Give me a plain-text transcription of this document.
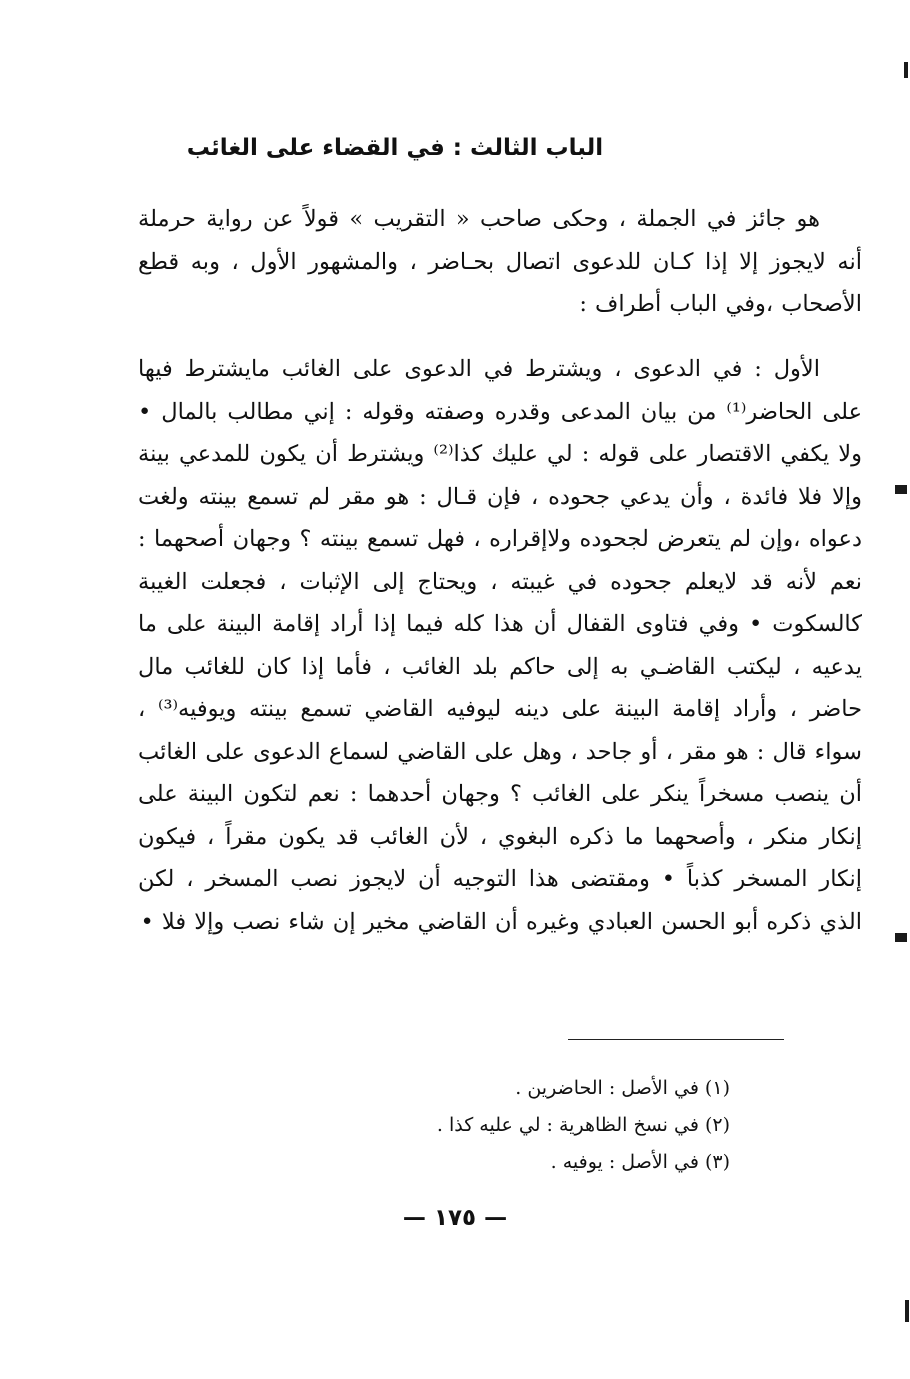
الباب الثالث : في القضاء على الغائب

هو جائز في الجملة ، وحكى صاحب « التقريب » قولاً عن رواية حرملة أنه لايجوز إلا إذا كـان للدعوى اتصال بحـاضر ، والمشهور الأول ، وبه قطع الأصحاب ،وفي الباب أطراف :

الأول : في الدعوى ، ويشترط في الدعوى على الغائب مايشترط فيها على الحاضر⁽¹⁾ من بيان المدعى وقدره وصفته وقوله : إني مطالب بالمال • ولا يكفي الاقتصار على قوله : لي عليك كذا⁽²⁾ ويشترط أن يكون للمدعي بينة وإلا فلا فائدة ، وأن يدعي جحوده ، فإن قـال : هو مقر لم تسمع بينته ولغت دعواه ،وإن لم يتعرض لجحوده ولاإقراره ، فهل تسمع بينته ؟ وجهان أصحهما : نعم لأنه قد لايعلم جحوده في غيبته ، ويحتاج إلى الإثبات ، فجعلت الغيبة كالسكوت • وفي فتاوى القفال أن هذا كله فيما إذا أراد إقامة البينة على ما يدعيه ، ليكتب القاضـي به إلى حاكم بلد الغائب ، فأما إذا كان للغائب مال حاضر ، وأراد إقامة البينة على دينه ليوفيه القاضي تسمع بينته ويوفيه⁽³⁾ ، سواء قال : هو مقر ، أو جاحد ، وهل على القاضي لسماع الدعوى على الغائب أن ينصب مسخراً ينكر على الغائب ؟ وجهان أحدهما : نعم لتكون البينة على إنكار منكر ، وأصحهما ما ذكره البغوي ، لأن الغائب قد يكون مقراً ، فيكون إنكار المسخر كذباً • ومقتضى هذا التوجيه أن لايجوز نصب المسخر ، لكن الذي ذكره أبو الحسن العبادي وغيره أن القاضي مخير إن شاء نصب وإلا فلا •

(١) في الأصل : الحاضرين .
(٢) في نسخ الظاهرية : لي عليه كذا .
(٣) في الأصل : يوفيه .
— ١٧٥ —
